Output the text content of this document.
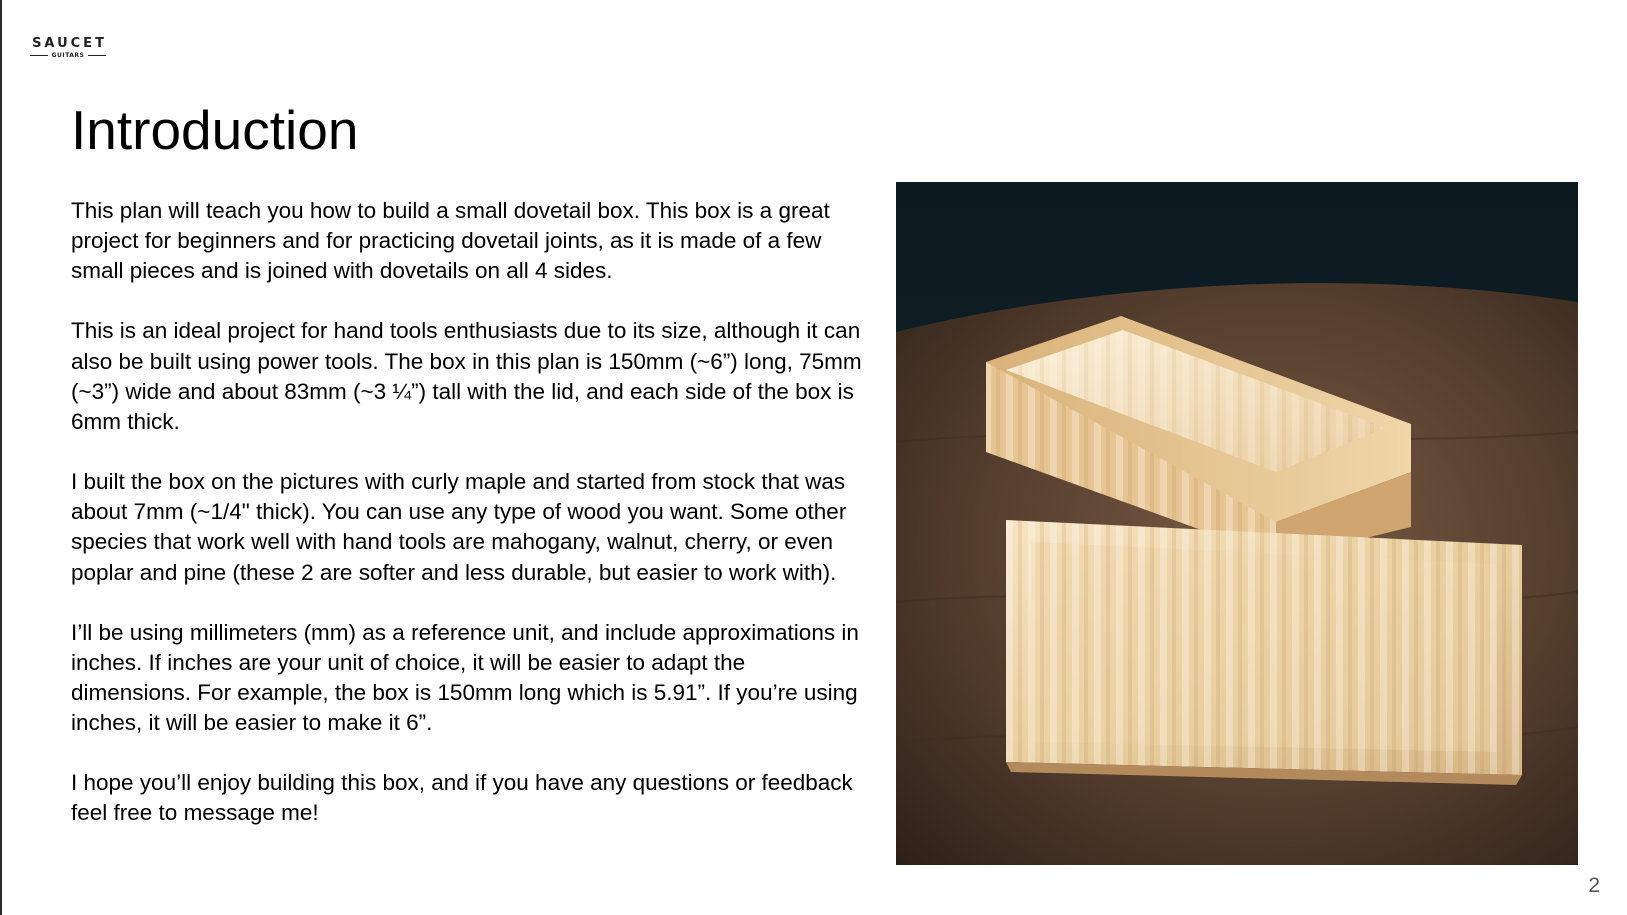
SAUCET
GUITARS
Introduction

This plan will teach you how to build a small dovetail box. This box is a great project for beginners and for practicing dovetail joints, as it is made of a few small pieces and is joined with dovetails on all 4 sides.

This is an ideal project for hand tools enthusiasts due to its size, although it can also be built using power tools. The box in this plan is 150mm (~6”) long, 75mm (~3”) wide and about 83mm (~3 ¼”) tall with the lid, and each side of the box is 6mm thick.

I built the box on the pictures with curly maple and started from stock that was about 7mm (~1/4" thick). You can use any type of wood you want. Some other species that work well with hand tools are mahogany, walnut, cherry, or even poplar and pine (these 2 are softer and less durable, but easier to work with).

I’ll be using millimeters (mm) as a reference unit, and include approximations in inches. If inches are your unit of choice, it will be easier to adapt the dimensions. For example, the box is 150mm long which is 5.91”. If you’re using inches, it will be easier to make it 6”.

I hope you’ll enjoy building this box, and if you have any questions or feedback feel free to message me!

2
